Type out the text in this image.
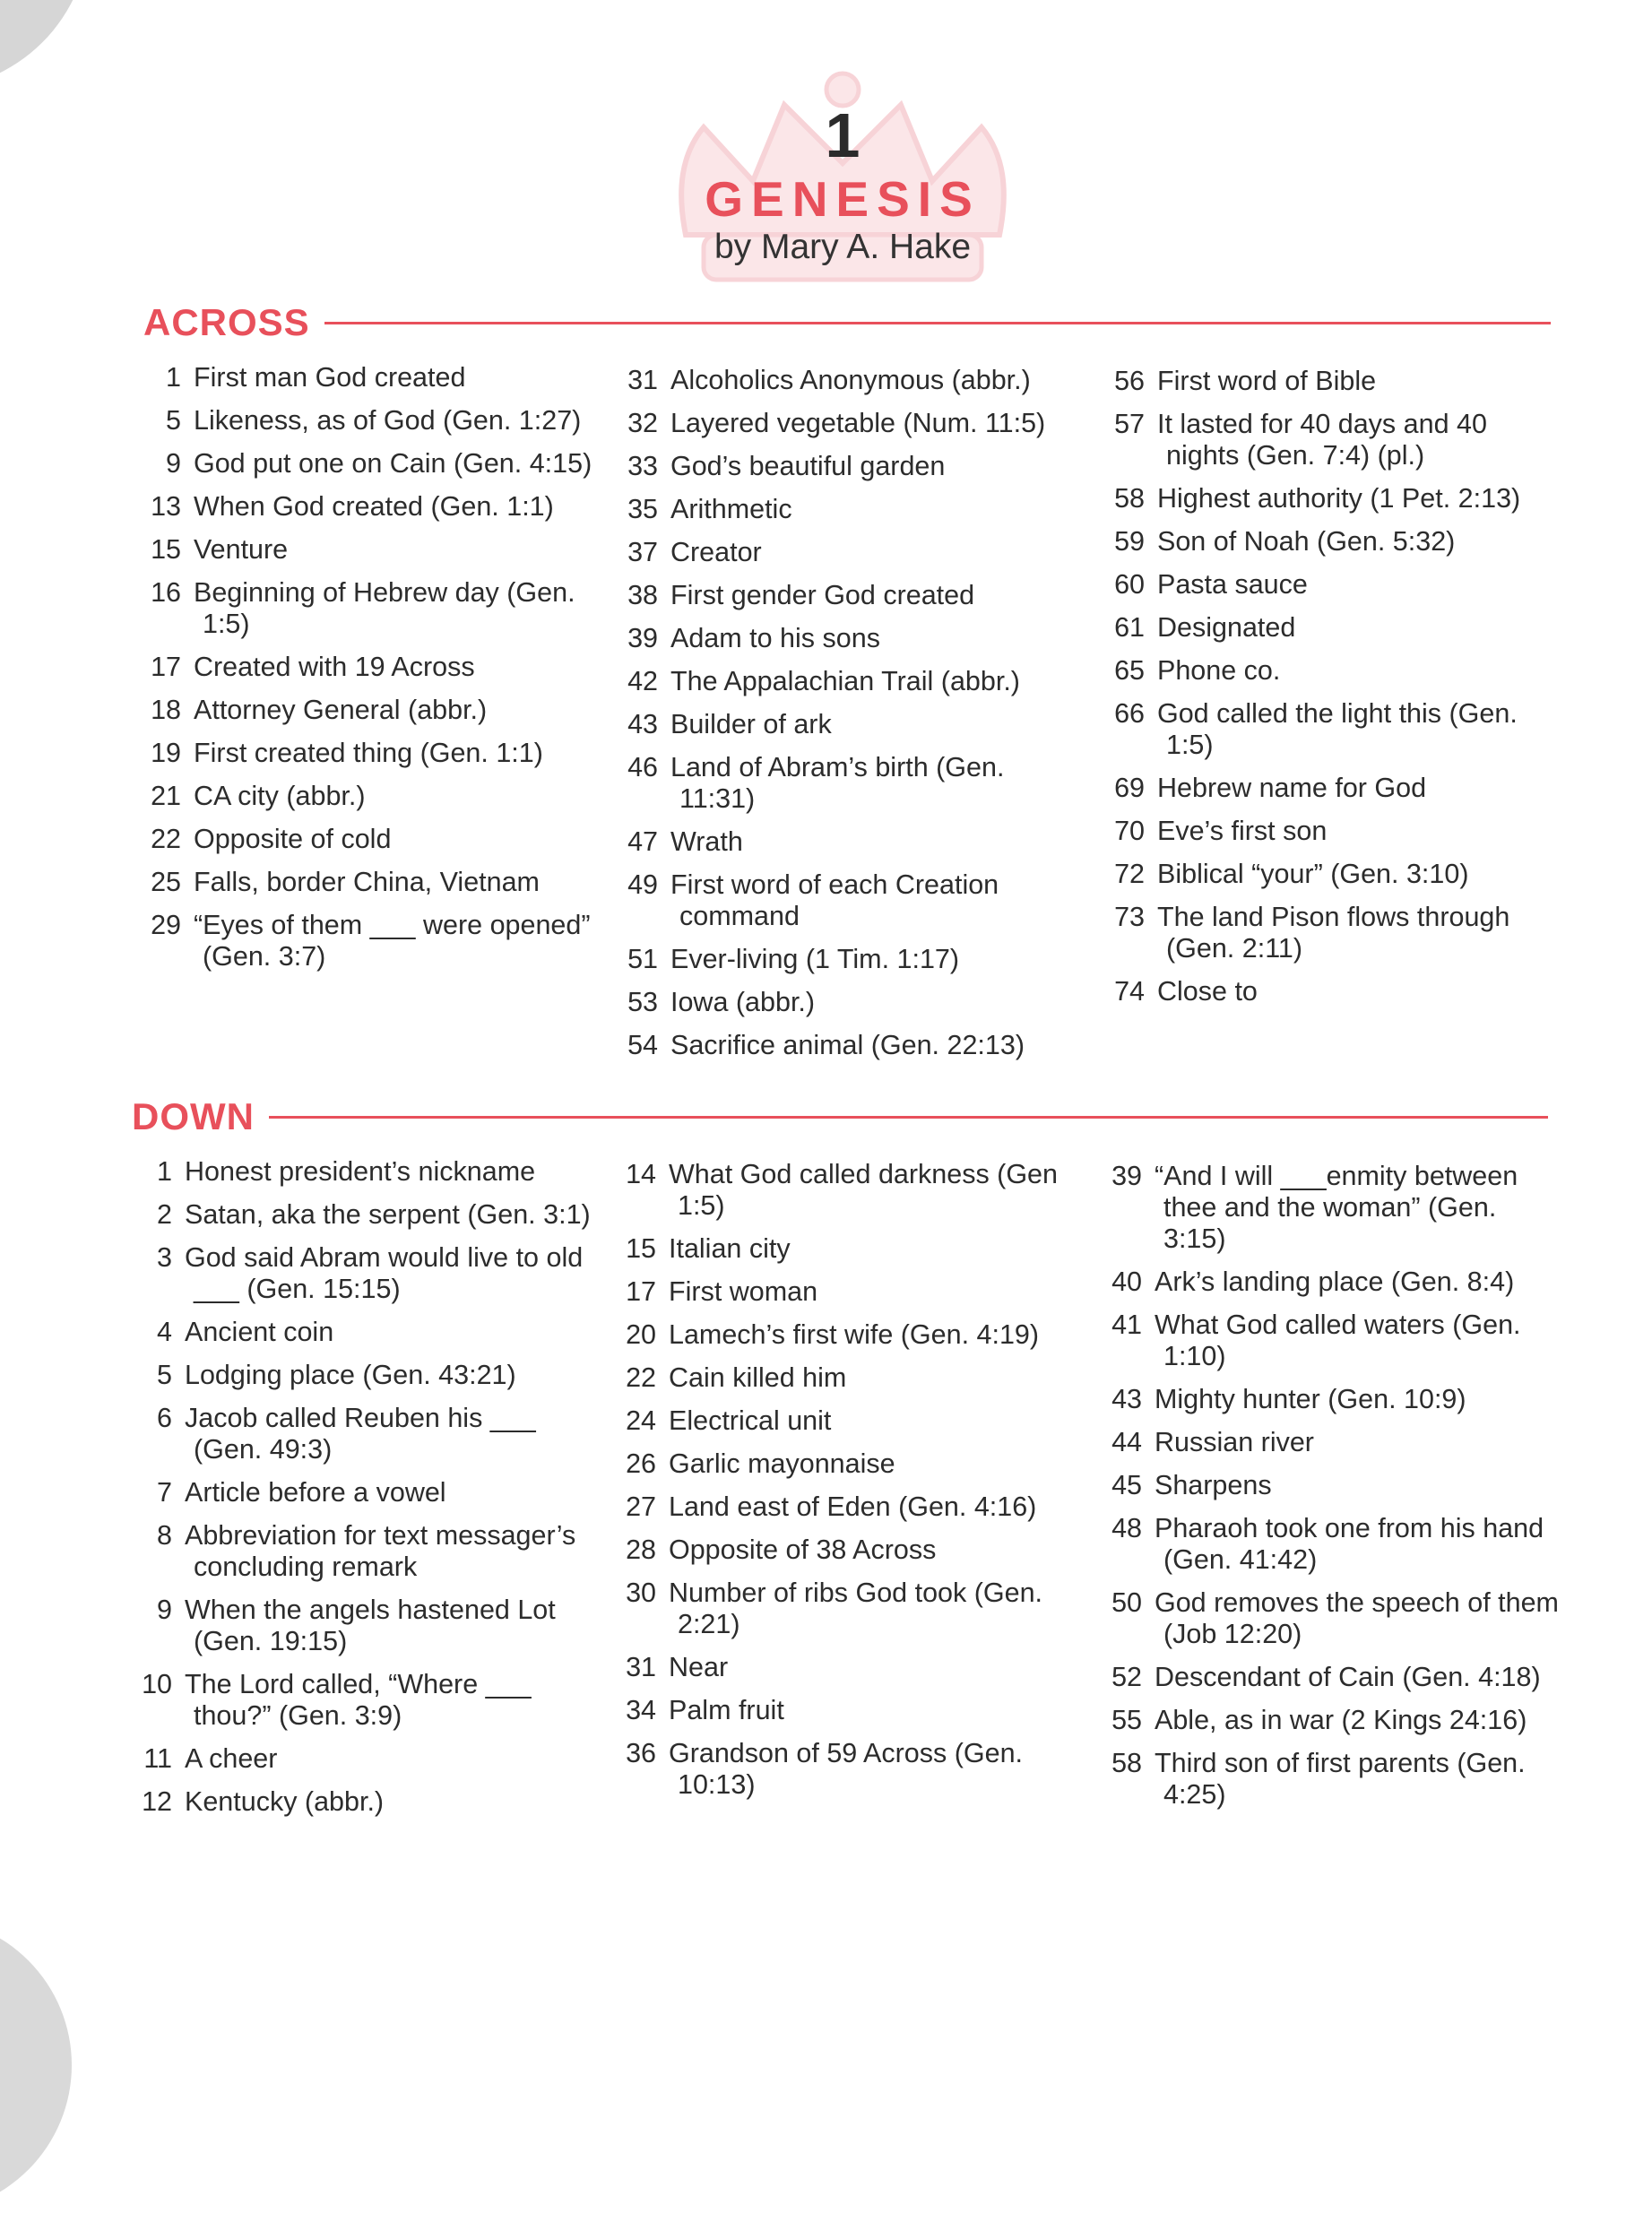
1
GENESIS
by Mary A. Hake
ACROSS
1 First man God created
5 Likeness, as of God (Gen. 1:27)
9 God put one on Cain (Gen. 4:15)
13 When God created (Gen. 1:1)
15 Venture
16 Beginning of Hebrew day (Gen. 1:5)
17 Created with 19 Across
18 Attorney General (abbr.)
19 First created thing (Gen. 1:1)
21 CA city (abbr.)
22 Opposite of cold
25 Falls, border China, Vietnam
29 “Eyes of them ___ were opened” (Gen. 3:7)
31 Alcoholics Anonymous (abbr.)
32 Layered vegetable (Num. 11:5)
33 God’s beautiful garden
35 Arithmetic
37 Creator
38 First gender God created
39 Adam to his sons
42 The Appalachian Trail (abbr.)
43 Builder of ark
46 Land of Abram’s birth (Gen. 11:31)
47 Wrath
49 First word of each Creation command
51 Ever-living (1 Tim. 1:17)
53 Iowa (abbr.)
54 Sacrifice animal (Gen. 22:13)
56 First word of Bible
57 It lasted for 40 days and 40 nights (Gen. 7:4) (pl.)
58 Highest authority (1 Pet. 2:13)
59 Son of Noah (Gen. 5:32)
60 Pasta sauce
61 Designated
65 Phone co.
66 God called the light this (Gen. 1:5)
69 Hebrew name for God
70 Eve’s first son
72 Biblical “your” (Gen. 3:10)
73 The land Pison flows through (Gen. 2:11)
74 Close to
DOWN
1 Honest president’s nickname
2 Satan, aka the serpent (Gen. 3:1)
3 God said Abram would live to old ___ (Gen. 15:15)
4 Ancient coin
5 Lodging place (Gen. 43:21)
6 Jacob called Reuben his ___ (Gen. 49:3)
7 Article before a vowel
8 Abbreviation for text messager’s concluding remark
9 When the angels hastened Lot (Gen. 19:15)
10 The Lord called, “Where ___ thou?” (Gen. 3:9)
11 A cheer
12 Kentucky (abbr.)
14 What God called darkness (Gen 1:5)
15 Italian city
17 First woman
20 Lamech’s first wife (Gen. 4:19)
22 Cain killed him
24 Electrical unit
26 Garlic mayonnaise
27 Land east of Eden (Gen. 4:16)
28 Opposite of 38 Across
30 Number of ribs God took (Gen. 2:21)
31 Near
34 Palm fruit
36 Grandson of 59 Across (Gen. 10:13)
39 “And I will ___enmity between thee and the woman” (Gen. 3:15)
40 Ark’s landing place (Gen. 8:4)
41 What God called waters (Gen. 1:10)
43 Mighty hunter (Gen. 10:9)
44 Russian river
45 Sharpens
48 Pharaoh took one from his hand (Gen. 41:42)
50 God removes the speech of them (Job 12:20)
52 Descendant of Cain (Gen. 4:18)
55 Able, as in war (2 Kings 24:16)
58 Third son of first parents (Gen. 4:25)
